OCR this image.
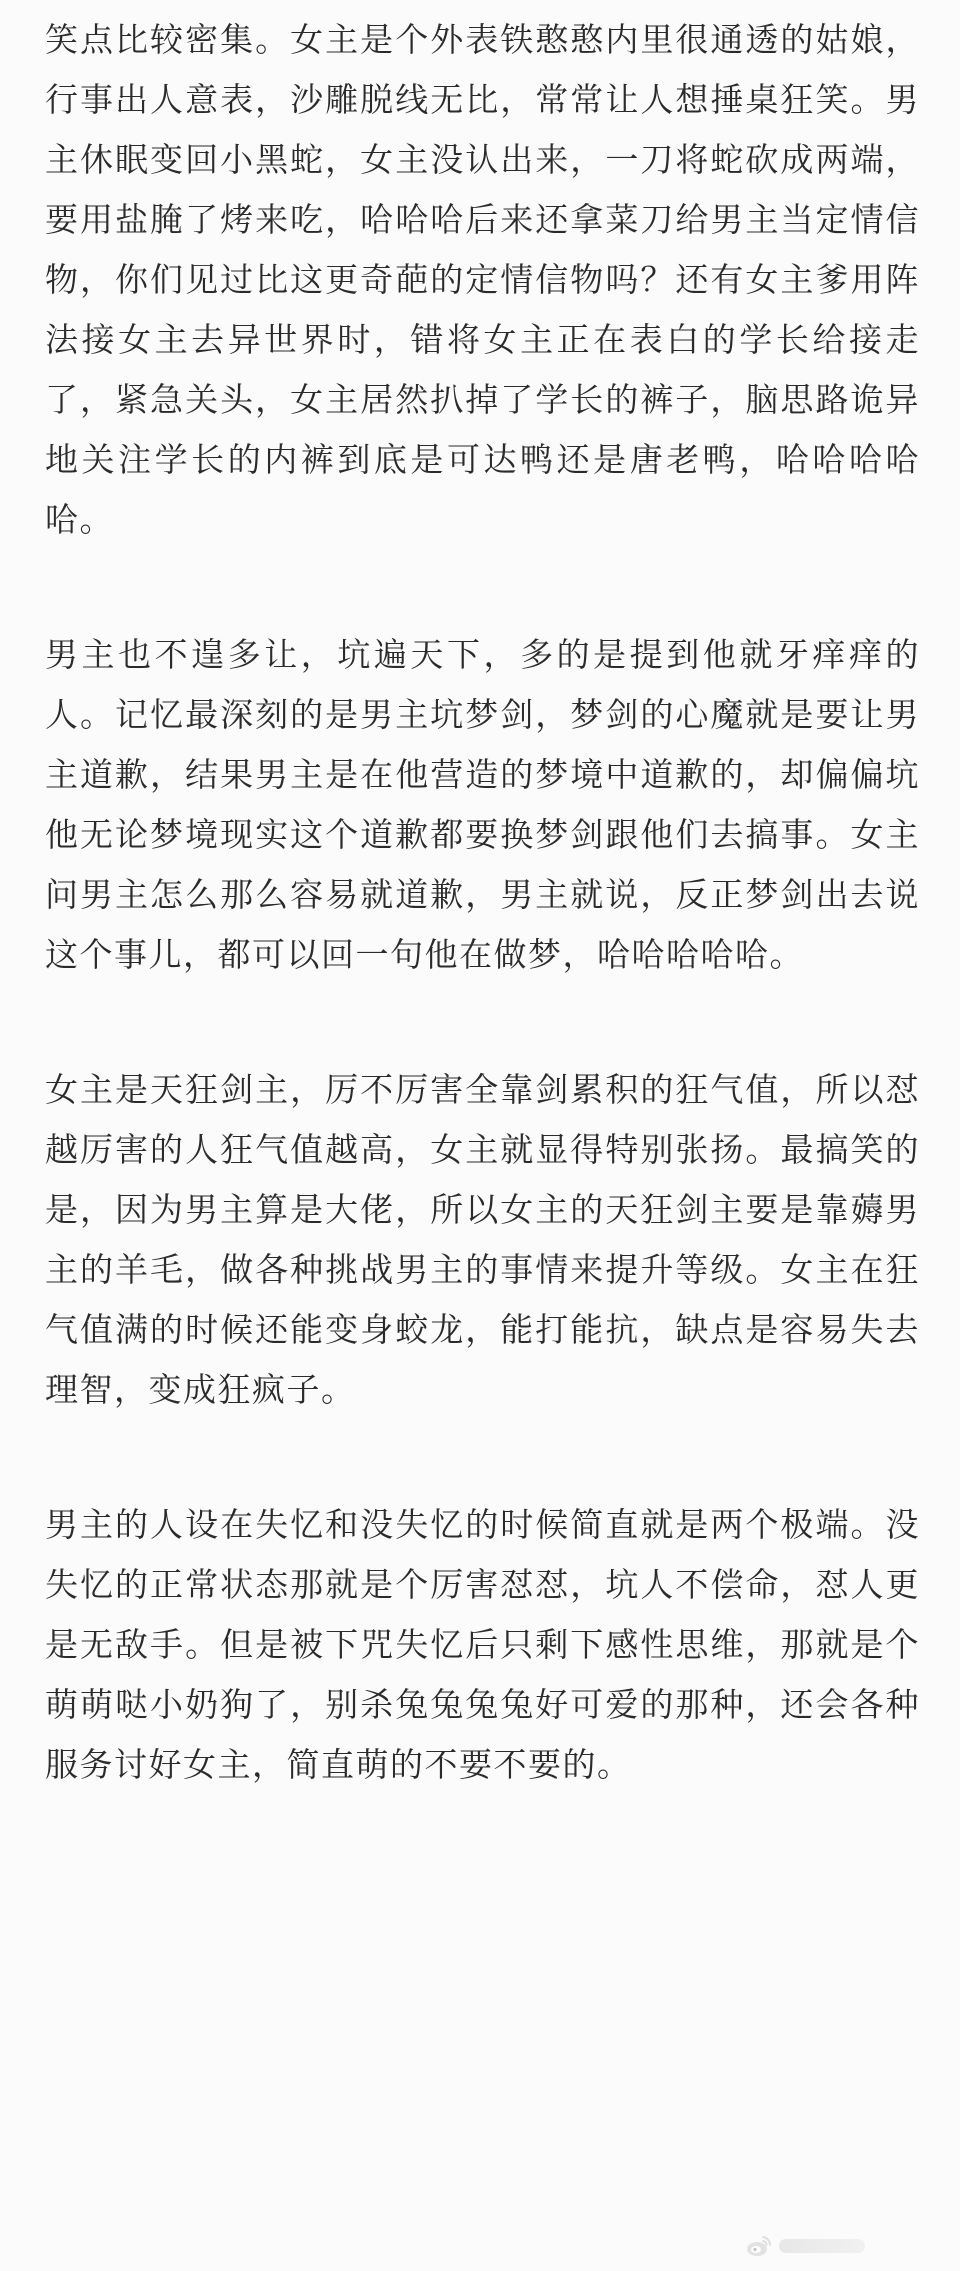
笑点比较密集。女主是个外表铁憨憨内里很通透的姑娘，行事出人意表，沙雕脱线无比，常常让人想捶桌狂笑。男主休眠变回小黑蛇，女主没认出来，一刀将蛇砍成两端，要用盐腌了烤来吃，哈哈哈后来还拿菜刀给男主当定情信物，你们见过比这更奇葩的定情信物吗？还有女主爹用阵法接女主去异世界时，错将女主正在表白的学长给接走了，紧急关头，女主居然扒掉了学长的裤子，脑思路诡异地关注学长的内裤到底是可达鸭还是唐老鸭，哈哈哈哈哈。

男主也不遑多让，坑遍天下，多的是提到他就牙痒痒的人。记忆最深刻的是男主坑梦剑，梦剑的心魔就是要让男主道歉，结果男主是在他营造的梦境中道歉的，却偏偏坑他无论梦境现实这个道歉都要换梦剑跟他们去搞事。女主问男主怎么那么容易就道歉，男主就说，反正梦剑出去说这个事儿，都可以回一句他在做梦，哈哈哈哈哈。

女主是天狂剑主，厉不厉害全靠剑累积的狂气值，所以怼越厉害的人狂气值越高，女主就显得特别张扬。最搞笑的是，因为男主算是大佬，所以女主的天狂剑主要是靠薅男主的羊毛，做各种挑战男主的事情来提升等级。女主在狂气值满的时候还能变身蛟龙，能打能抗，缺点是容易失去理智，变成狂疯子。

男主的人设在失忆和没失忆的时候简直就是两个极端。没失忆的正常状态那就是个厉害怼怼，坑人不偿命，怼人更是无敌手。但是被下咒失忆后只剩下感性思维，那就是个萌萌哒小奶狗了，别杀兔兔兔兔好可爱的那种，还会各种服务讨好女主，简直萌的不要不要的。
